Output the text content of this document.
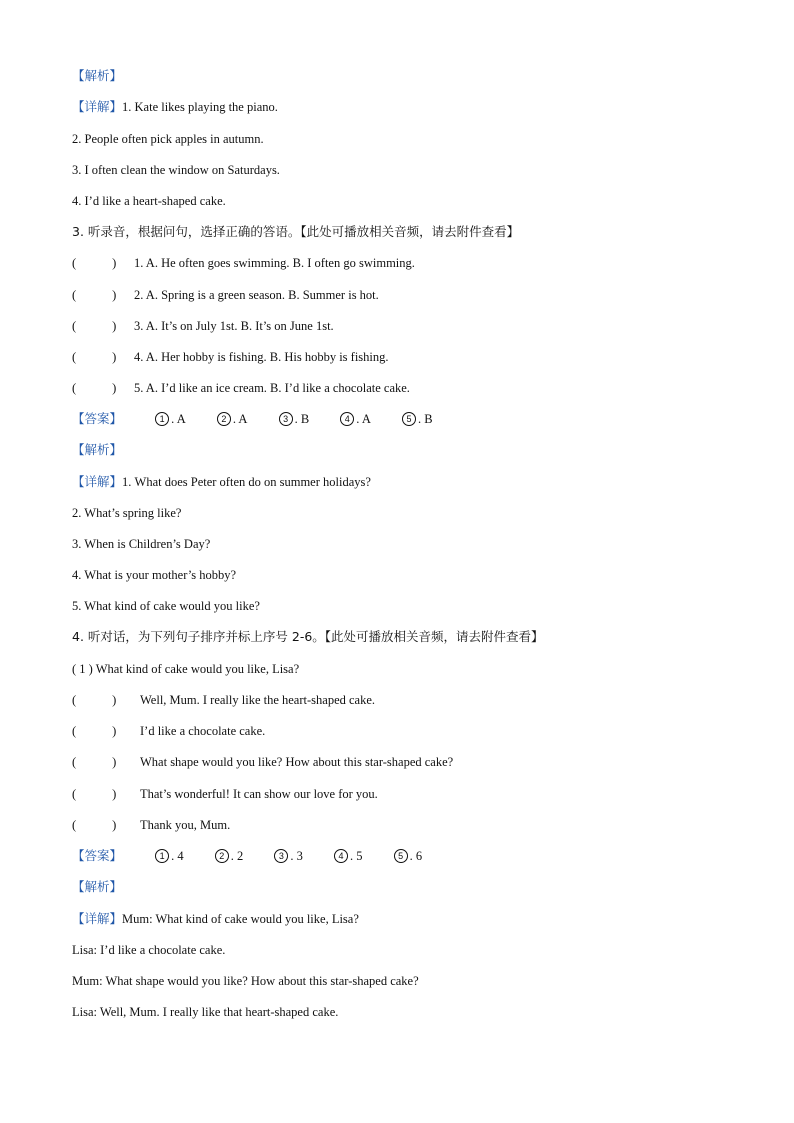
【解析】
【详解】1. Kate likes playing the piano.
2. People often pick apples in autumn.
3. I often clean the window on Saturdays.
4. I’d like a heart-shaped cake.
3. 听录音，根据问句，选择正确的答语。【此处可播放相关音频，请去附件查看】
(	) 1. A. He often goes swimming. B. I often go swimming.
(	) 2. A. Spring is a green season. B. Summer is hot.
(	) 3. A. It’s on July 1st. B. It’s on June 1st.
(	) 4. A. Her hobby is fishing. B. His hobby is fishing.
(	) 5. A. I’d like an ice cream. B. I’d like a chocolate cake.
【答案】	1 . A	2 . A	3 . B	4 . A	5 . B
【解析】
【详解】1. What does Peter often do on summer holidays?
2. What’s spring like?
3. When is Children’s Day?
4. What is your mother’s hobby?
5. What kind of cake would you like?
4. 听对话，为下列句子排序并标上序号 2-6。【此处可播放相关音频，请去附件查看】
( 1 ) What kind of cake would you like, Lisa?
(	) Well, Mum. I really like the heart-shaped cake.
(	) I’d like a chocolate cake.
(	) What shape would you like? How about this star-shaped cake?
(	) That’s wonderful! It can show our love for you.
(	) Thank you, Mum.
【答案】	1 . 4	2 . 2	3 . 3	4 . 5	5 . 6
【解析】
【详解】Mum: What kind of cake would you like, Lisa?
Lisa: I’d like a chocolate cake.
Mum: What shape would you like? How about this star-shaped cake?
Lisa: Well, Mum. I really like that heart-shaped cake.
